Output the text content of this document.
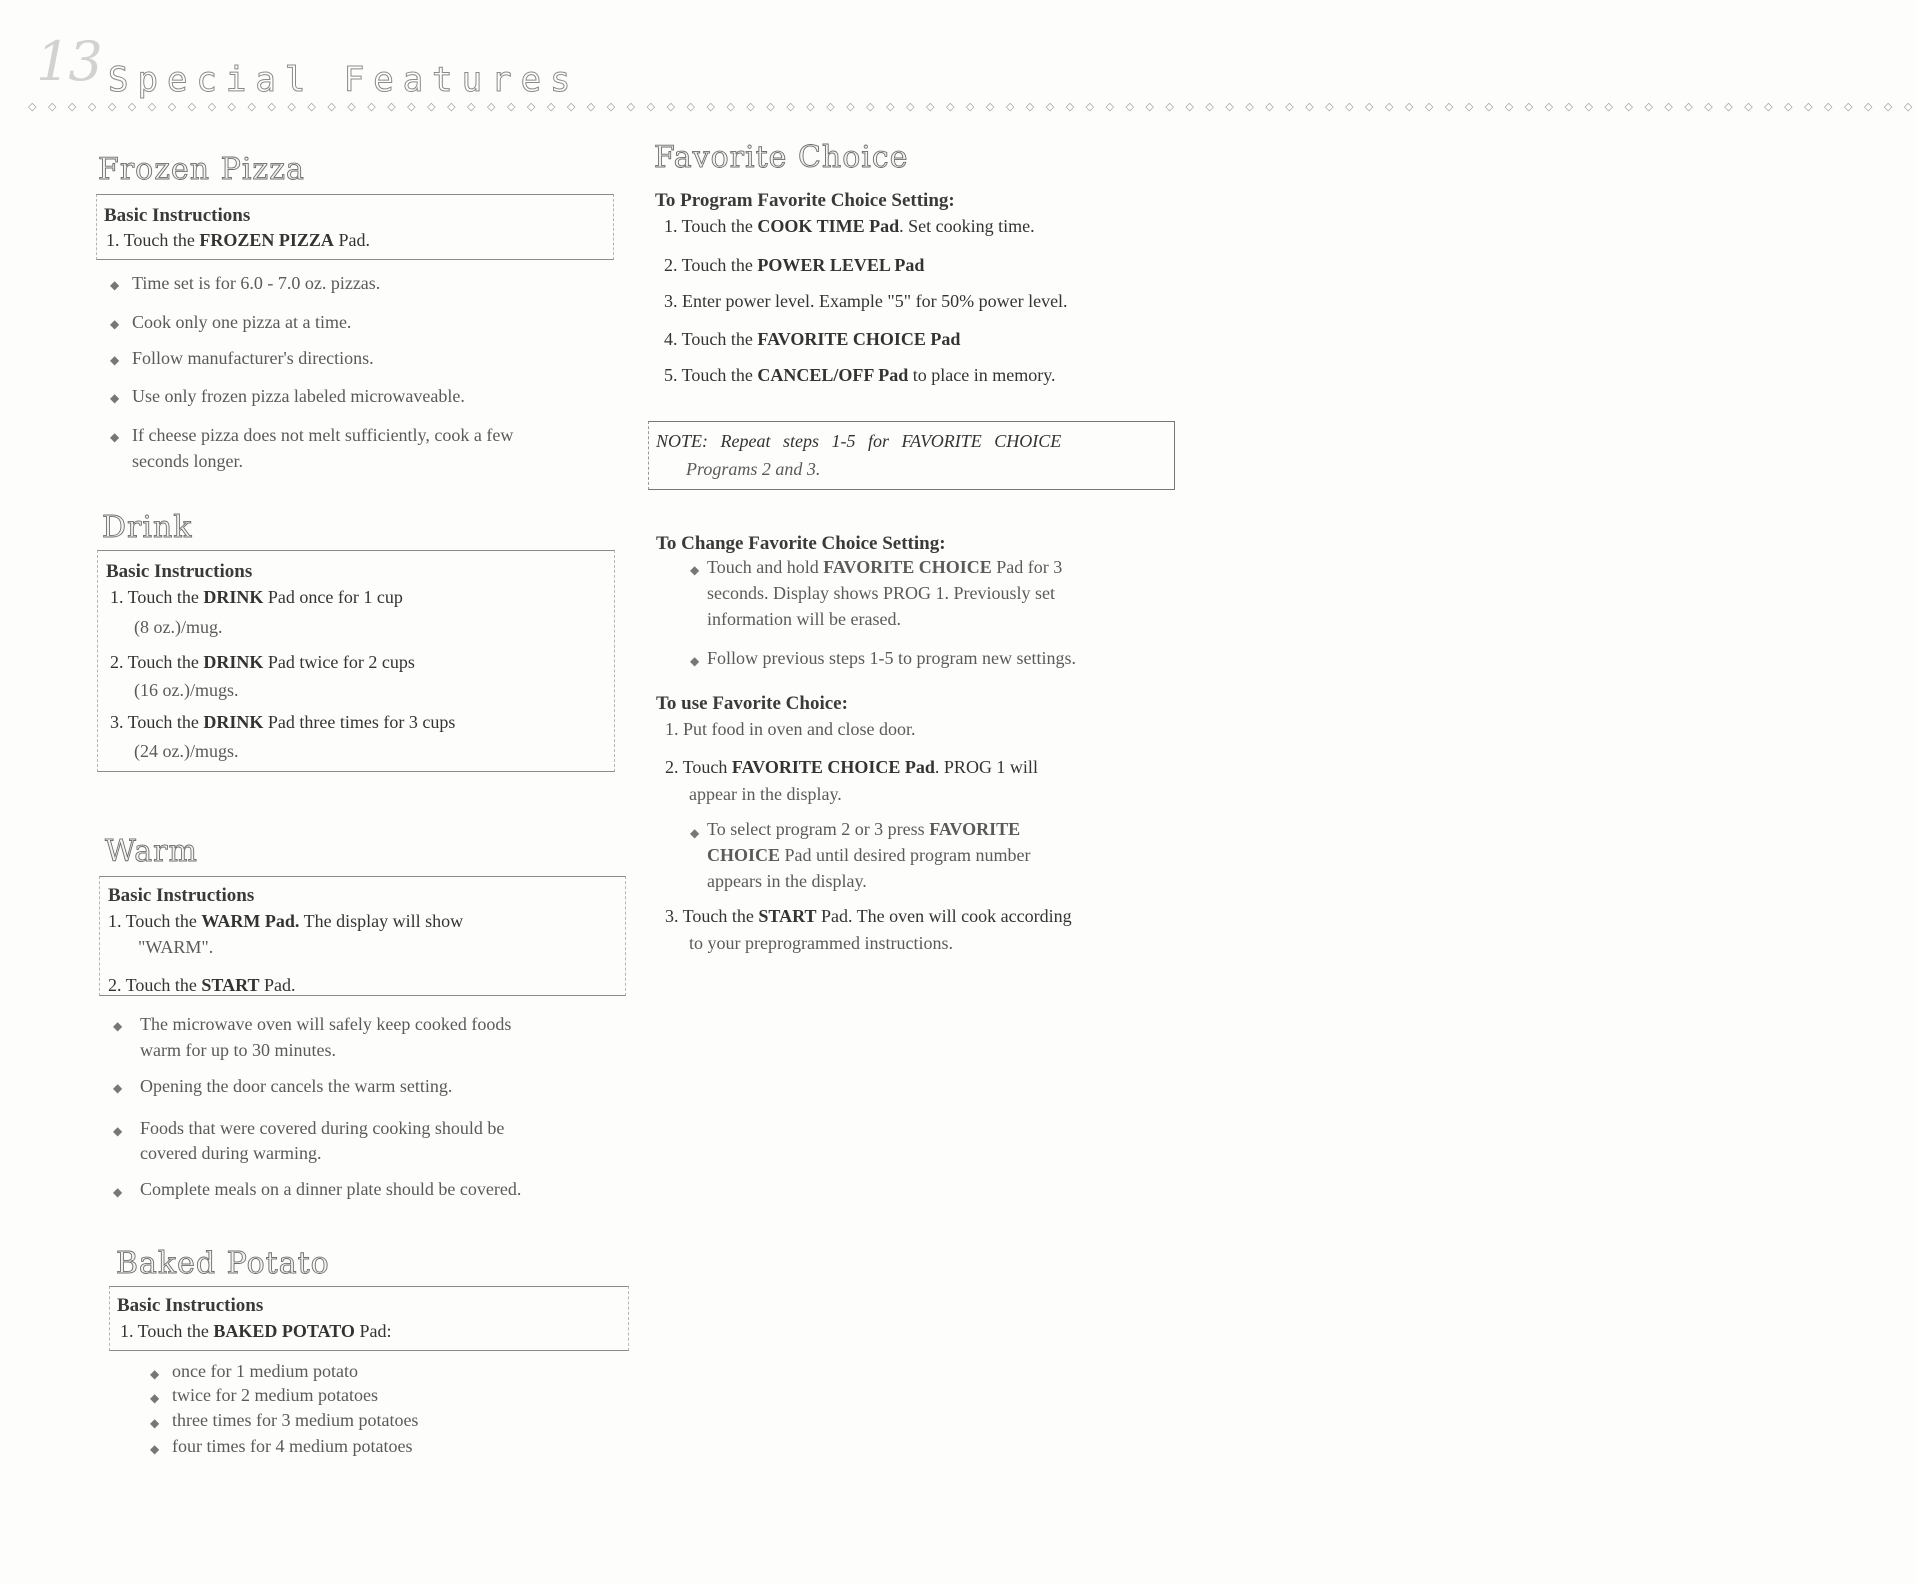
13 Special Features
◇ ◇ ◇ ◇ ◇ ◇ ◇ ◇ ◇ ◇ ◇ ◇ ◇ ◇ ◇ ◇ ◇ ◇ ◇ ◇ ◇ ◇ ◇ ◇ ◇ ◇ ◇ ◇ ◇ ◇ ◇ ◇ ◇ ◇ ◇ ◇ ◇ ◇ ◇ ◇ ◇ ◇ ◇ ◇ ◇ ◇ ◇ ◇ ◇ ◇ ◇ ◇ ◇ ◇ ◇ ◇ ◇ ◇ ◇ ◇ ◇ ◇ ◇ ◇ ◇ ◇ ◇ ◇ ◇ ◇ ◇ ◇ ◇ ◇ ◇ ◇ ◇ ◇ ◇ ◇ ◇ ◇ ◇ ◇ ◇ ◇ ◇ ◇ ◇ ◇ ◇ ◇ ◇ ◇ ◇
Frozen Pizza
Basic Instructions
1. Touch the FROZEN PIZZA Pad.
◆ Time set is for 6.0 - 7.0 oz. pizzas.
◆ Cook only one pizza at a time.
◆ Follow manufacturer's directions.
◆ Use only frozen pizza labeled microwaveable.
◆ If cheese pizza does not melt sufficiently, cook a few
seconds longer.
Drink
Basic Instructions
1. Touch the DRINK Pad once for 1 cup
(8 oz.)/mug.
2. Touch the DRINK Pad twice for 2 cups
(16 oz.)/mugs.
3. Touch the DRINK Pad three times for 3 cups
(24 oz.)/mugs.
Warm
Basic Instructions
1. Touch the WARM Pad. The display will show
"WARM".
2. Touch the START Pad.
◆ The microwave oven will safely keep cooked foods
warm for up to 30 minutes.
◆ Opening the door cancels the warm setting.
◆ Foods that were covered during cooking should be
covered during warming.
◆ Complete meals on a dinner plate should be covered.
Baked Potato
Basic Instructions
1. Touch the BAKED POTATO Pad:
◆ once for 1 medium potato
◆ twice for 2 medium potatoes
◆ three times for 3 medium potatoes
◆ four times for 4 medium potatoes
Favorite Choice
To Program Favorite Choice Setting:
1. Touch the COOK TIME Pad. Set cooking time.
2. Touch the POWER LEVEL Pad
3. Enter power level. Example "5" for 50% power level.
4. Touch the FAVORITE CHOICE Pad
5. Touch the CANCEL/OFF Pad to place in memory.
NOTE: Repeat steps 1-5 for FAVORITE CHOICE
Programs 2 and 3.
To Change Favorite Choice Setting:
◆ Touch and hold FAVORITE CHOICE Pad for 3
seconds. Display shows PROG 1. Previously set
information will be erased.
◆ Follow previous steps 1-5 to program new settings.
To use Favorite Choice:
1. Put food in oven and close door.
2. Touch FAVORITE CHOICE Pad. PROG 1 will
appear in the display.
◆ To select program 2 or 3 press FAVORITE
CHOICE Pad until desired program number
appears in the display.
3. Touch the START Pad. The oven will cook according
to your preprogrammed instructions.
